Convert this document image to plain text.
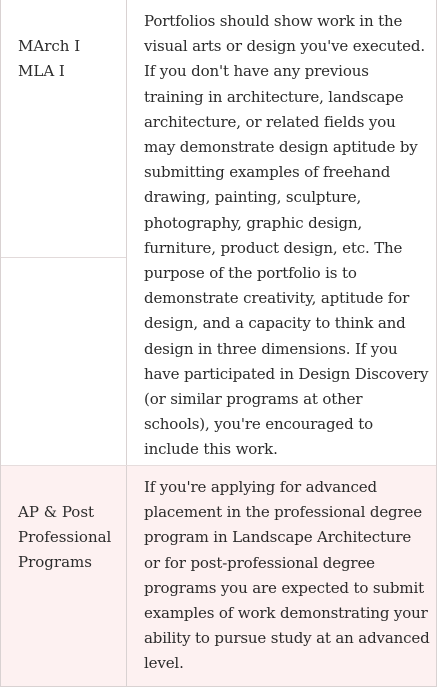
MArch I
MLA I

Portfolios should show work in the visual arts or design you've executed. If you don't have any previous training in architecture, landscape architecture, or related fields you may demonstrate design aptitude by submitting examples of freehand drawing, painting, sculpture, photography, graphic design, furniture, product design, etc. The purpose of the portfolio is to demonstrate creativity, aptitude for design, and a capacity to think and design in three dimensions. If you have participated in Design Discovery (or similar programs at other schools), you're encouraged to include this work.

AP & Post
Professional
Programs

If you're applying for advanced placement in the professional degree program in Landscape Architecture or for post-professional degree programs you are expected to submit examples of work demonstrating your ability to pursue study at an advanced level.
